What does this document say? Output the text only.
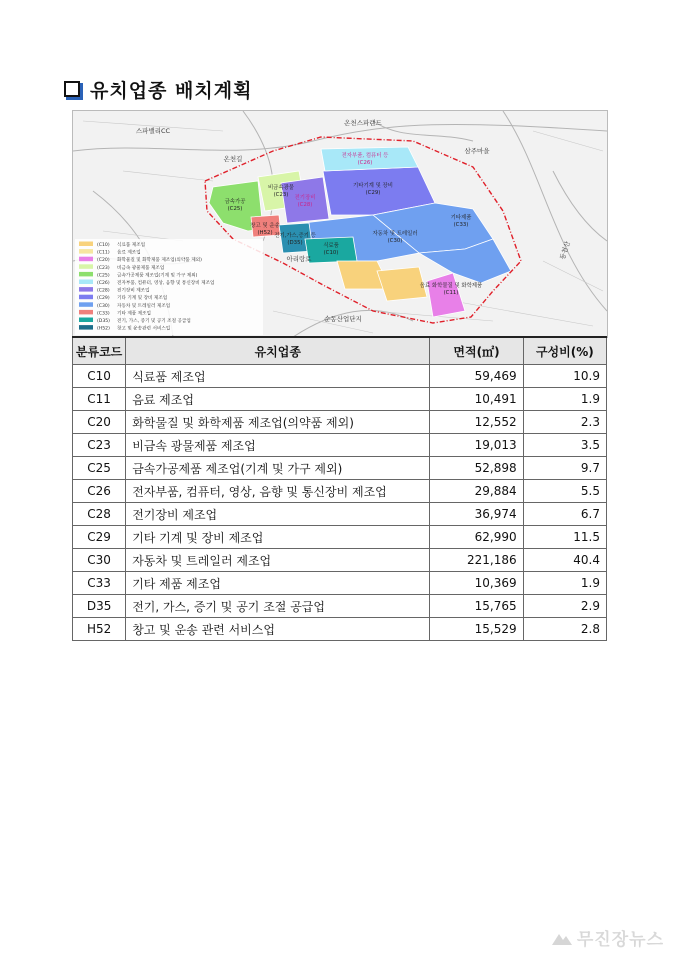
유치업종 배치계획
(C10) 식료품 제조업
(C11) 음료 제조업
(C20) 화학물질 및 화학제품 제조업(의약품 제외)
(C23) 비금속 광물제품 제조업
(C25) 금속가공제품 제조업(기계 및 가구 제외)
(C26) 전자부품, 컴퓨터, 영상, 음향 및 통신장비 제조업
(C28) 전기장비 제조업
(C29) 기타 기계 및 장비 제조업
(C30) 자동차 및 트레일러 제조업
(C33) 기타 제품 제조업
(D35) 전기, 가스, 증기 및 공기 조절 공급업
(H52) 창고 및 운송관련 서비스업
스파밸리CC
온천스파랜드
온천길
삼주마을
아리랑로
순동산업단지
동천산
금속가공
(C25)
비금속광물
(C23) 전기장비
(C28)
기타기계 및 장비
(C29)
전자부품, 컴퓨터 등
(C26)
자동차 및 트레일러
(C30)
기타제품
(C33)
창고 및 운송
(H52) 전기,가스,증기 등
(D35)	식료품
(C10)
음료 화학물질 및 화학제품
(C11)
분류코드	유치업종	면적(㎡)	구성비(%)
C10	식료품 제조업	59,469	10.9
C11	음료 제조업	10,491	1.9
C20	화학물질 및 화학제품 제조업(의약품 제외)	12,552	2.3
C23	비금속 광물제품 제조업	19,013	3.5
C25	금속가공제품 제조업(기계 및 가구 제외)	52,898	9.7
C26	전자부품, 컴퓨터, 영상, 음향 및 통신장비 제조업	29,884	5.5
C28	전기장비 제조업	36,974	6.7
C29	기타 기계 및 장비 제조업	62,990	11.5
C30	자동차 및 트레일러 제조업	221,186	40.4
C33	기타 제품 제조업	10,369	1.9
D35	전기, 가스, 증기 및 공기 조절 공급업	15,765	2.9
H52	창고 및 운송 관련 서비스업	15,529	2.8
무진장뉴스
